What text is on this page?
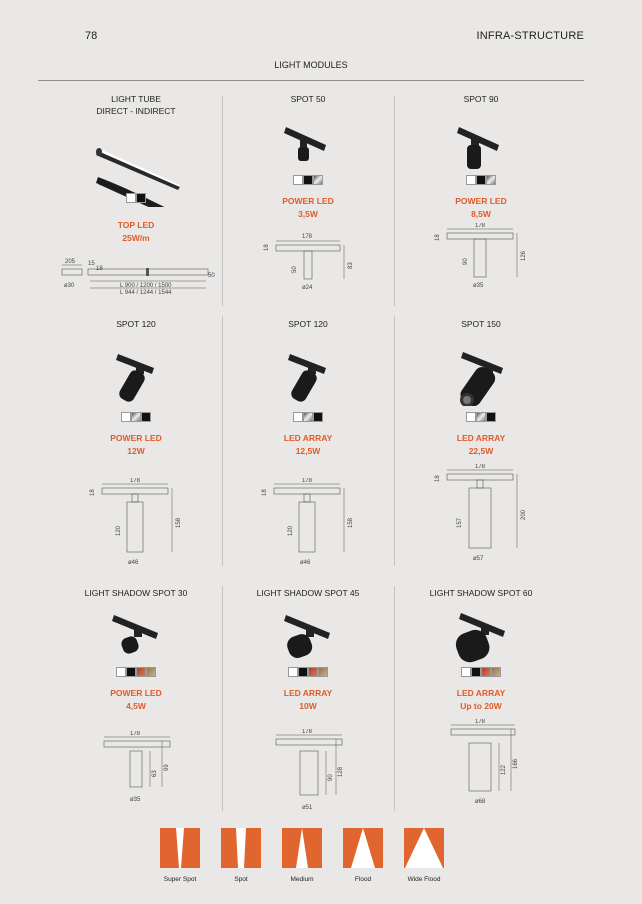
78	INFRA-STRUCTURE
LIGHT MODULES
LIGHT TUBE
DIRECT - INDIRECT
TOP LED
25W/m
205 15
18
50
ø30	L 900 / 1200 / 1500
L 944 / 1244 / 1544
SPOT 50
POWER LED
3,5W
178
18
50
83
ø24
SPOT 90
POWER LED
8,5W
178
18
90
126
ø35
SPOT 120
POWER LED
12W
178
18
120
158
ø46
SPOT 120
LED ARRAY
12,5W
178
18
120
158
ø46
SPOT 150
LED ARRAY
22,5W
178
18
157
200
ø57
LIGHT SHADOW SPOT 30
POWER LED
4,5W
178
63
99
ø35
LIGHT SHADOW SPOT 45
LED ARRAY
10W
178
90
128
ø51
LIGHT SHADOW SPOT 60
LED ARRAY
Up to 20W
178
122
166
ø68
Super Spot	Spot	Medium	Flood	Wide Flood
